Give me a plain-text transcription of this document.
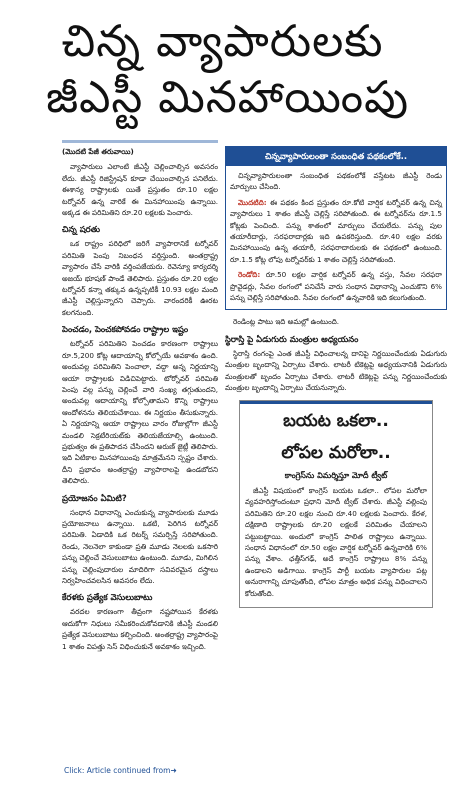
చిన్న వ్యాపారులకు
జీఎస్టీ మినహాయింపు

(మొదటి పేజీ తరువాయి)

వ్యాపారులు ఎలాంటి జీఎస్టీ చెల్లించాల్సిన అవసరం లేదు. జీఎస్టీ రిజిస్ట్రేషన్ కూడా చేయించాల్సిన పనిలేదు. ఈశాన్య రాష్ట్రాలకు యితే ప్రస్తుతం రూ.10 లక్షల టర్నోవర్ ఉన్న వారికే ఈ మినహాయింపు ఉన్నాయి. అక్కడ ఈ పరిమితిని రూ.20 లక్షలకు పెంచారు.

చిన్న షరతు

ఒక రాష్ట్రం పరిధిలో జరిగే వ్యాపారానికే టర్నోవర్ పరిమితి పెంపు నిబంధన వర్తిస్తుంది. అంతర్రాష్ట్ర వ్యాపారం చేసే వారికి వర్తింపజేయరు. రెవెన్యూ కార్యదర్శి అజయ్ భూషణ్ పాండే తెలిపారు. ప్రస్తుతం రూ.20 లక్షల టర్నోవర్ కన్నా తక్కువ ఉన్నప్పటికీ 10.93 లక్షల మంది జీఎస్టీ చెల్లిస్తున్నారని చెప్పారు. వారందరికీ ఊరట కలగనుంది.

పెంచడం, పెంచకపోవడం రాష్ట్రాల ఇష్టం

టర్నోవర్ పరిమితిని పెంచడం కారణంగా రాష్ట్రాలు రూ.5,200 కోట్ల ఆదాయాన్ని కోల్పోయే అవకాశం ఉంది. అందువల్ల పరిమితిని పెంచాలా, వద్దా అన్న నిర్ణయాన్ని ఆయా రాష్ట్రాలకు విడిచిపెట్టారు. టోర్నోవర్ పరిమితి పెంపు వల్ల పన్ను చెల్లించే వారి సంఖ్య తగ్గుతుందని, అందువల్ల ఆదాయాన్ని కోల్పోతామని కొన్ని రాష్ట్రాలు ఆందోళనను తెలియచేశాయి. ఈ నిర్ణయం తీసుకున్నారు. ఏ నిర్ణయాన్ని ఆయా రాష్ట్రాలు వారం రోజుల్లోగా జీఎస్టీ మండలి సెక్రటేరియట్‌కు తెలియజేయాల్సి ఉంటుంది. ప్రభుత్వం ఈ ప్రతిపాదన చేసిందని అరుణ్ జైట్లీ తెలిపారు. ఇది ఏటికాల మినహాయింపు మాత్రమేనని స్పష్టం చేశారు. దీని ప్రభావం అంతర్రాష్ట్ర వ్యాపారాలపై ఉండబోదని తెలిపారు.

ప్రయోజనం ఏమిటి?

సంధాన విధానాన్ని ఎంచుకున్న వ్యాపారులకు మూడు ప్రయోజనాలు ఉన్నాయి. ఒకటి, పెరిగిన టర్నోవర్ పరిమితి. ఏడాదికి ఒక రిటర్న్ సమర్పిస్తే సరిపోతుంది. రెండు, నెలనెలా కాకుండా ప్రతి మూడు నెలలకు ఒకసారి పన్ను చెల్లించే వెసులుబాటు ఉంటుంది. మూడు, మిగిలిన పన్ను చెల్లింపుదారుల మాదిరిగా సవివరమైన దస్త్రాలు నిర్వహించవలసిన అవసరం లేదు.

కేరళకు ప్రత్యేక వెసులుబాటు

వరదల కారణంగా తీవ్రంగా నష్టపోయిన కేరళకు ఆదుకోగా నిధులు సమీకరించుకోవడానికి జీఎస్టీ మండలి ప్రత్యేక వెసులుబాటు కల్పించింది. అంతర్రాష్ట్ర వ్యాపారంపై 1 శాతం విపత్తు సెస్ విధించుకునే అవకాశం ఇచ్చింది.

చిన్నవ్యాపారులంతా సంబంధిత పథకంలోకే..

చిన్నవ్యాపారులంతా సంబంధిత పథకంలోకే వస్తేటట జీఎస్టీ రెండు మార్పులు చేసింది.

మొదటిది: ఈ పథకం కింద ప్రస్తుతం రూ.కోటి వార్షిక టర్నోవర్ ఉన్న చిన్న వ్యాపారులు 1 శాతం జీఎస్టీ చెల్లిస్తే సరిపోతుంది. ఈ టర్నోవర్‌ను రూ.1.5 కోట్లకు పెంచింది. పన్ను శాతంలో మార్పులు చేయలేదు. పన్ను పుల తయారీదార్లు, సరఫరాదార్లకు ఇది ఉపకరిస్తుంది. రూ.40 లక్షల వరకు మినహాయింపు ఉన్న తయారీ, సరఫరాదారులకు ఈ పథకంలో ఉంటుంది. రూ.1.5 కోట్ల లోపు టర్నోవర్‌కు 1 శాతం చెల్లిస్తే సరిపోతుంది.

రెండోది: రూ.50 లక్షల వార్షిక టర్నోవర్ ఉన్న వస్తు, సేవల సరఫరా ప్రొవైడర్లు, సేవల రంగంలో పనిచేసే వారు సంధాన విధానాన్ని ఎంచుకొని 6% పన్ను చెల్లిస్తే సరిపోతుంది. సేవల రంగంలో ఉన్నవారికి ఇది కలుగుతుంది.

రెండింట్ల పాటు ఇది అమల్లో ఉంటుంది.

స్థిరాస్తి పై ఏడుగురు మంత్రుల అధ్యయనం

స్థిరాస్తి రంగంపై ఎంత జీఎస్టీ విధించాలన్న దానిపై నిర్ణయించేందుకు ఏడుగురు మంత్రుల బృందాన్ని ఏర్పాటు చేశారు. లాటరీ టికెట్లపై అధ్యయనానికి ఏడుగురు మంత్రులతో బృందం ఏర్పాటు చేశారు. లాటరీ టికెట్లపై పన్ను నిర్ణయించేందుకు మంత్రుల బృందాన్ని ఏర్పాటు చేయనున్నారు.

బయట ఒకలా..
లోపల మరోలా..
కాంగ్రెస్‌ను విమర్శిస్తూ మోదీ ట్వీట్

జీఎస్టీ విషయంలో కాంగ్రెస్ బయట ఒకలా.. లోపల మరోలా వ్యవహరిస్తోందంటూ ప్రధాని మోదీ ట్వీట్ చేశారు. జీఎస్టీ వల్లింపు పరిమితిని రూ.20 లక్షల నుంచి రూ.40 లక్షలకు పెంచారు. కేరళ, దక్షిణాది రాష్ట్రాలకు రూ.20 లక్షలకే పరిమితం చేయాలని పట్టుబట్టాయి. అందులో కాంగ్రెస్ పాలిత రాష్ట్రాలు ఉన్నాయి. సంధాన విధానంలో రూ.50 లక్షల వార్షిక టర్నోవర్ ఉన్నవారికి 6% పన్ను వేశాం. ఛత్తీస్‌గఢ్, అదే కాంగ్రెస్ రాష్ట్రాలు 8% పన్ను ఉండాలని అడిగాయి. కాంగ్రెస్ పార్టీ బయట వ్యాపారుల పట్ల అనురాగాన్ని చూపుతోంది, లోపల మాత్రం అధిక పన్ను విధించాలని కోరుతోంది.

Click: Article continued from➜
